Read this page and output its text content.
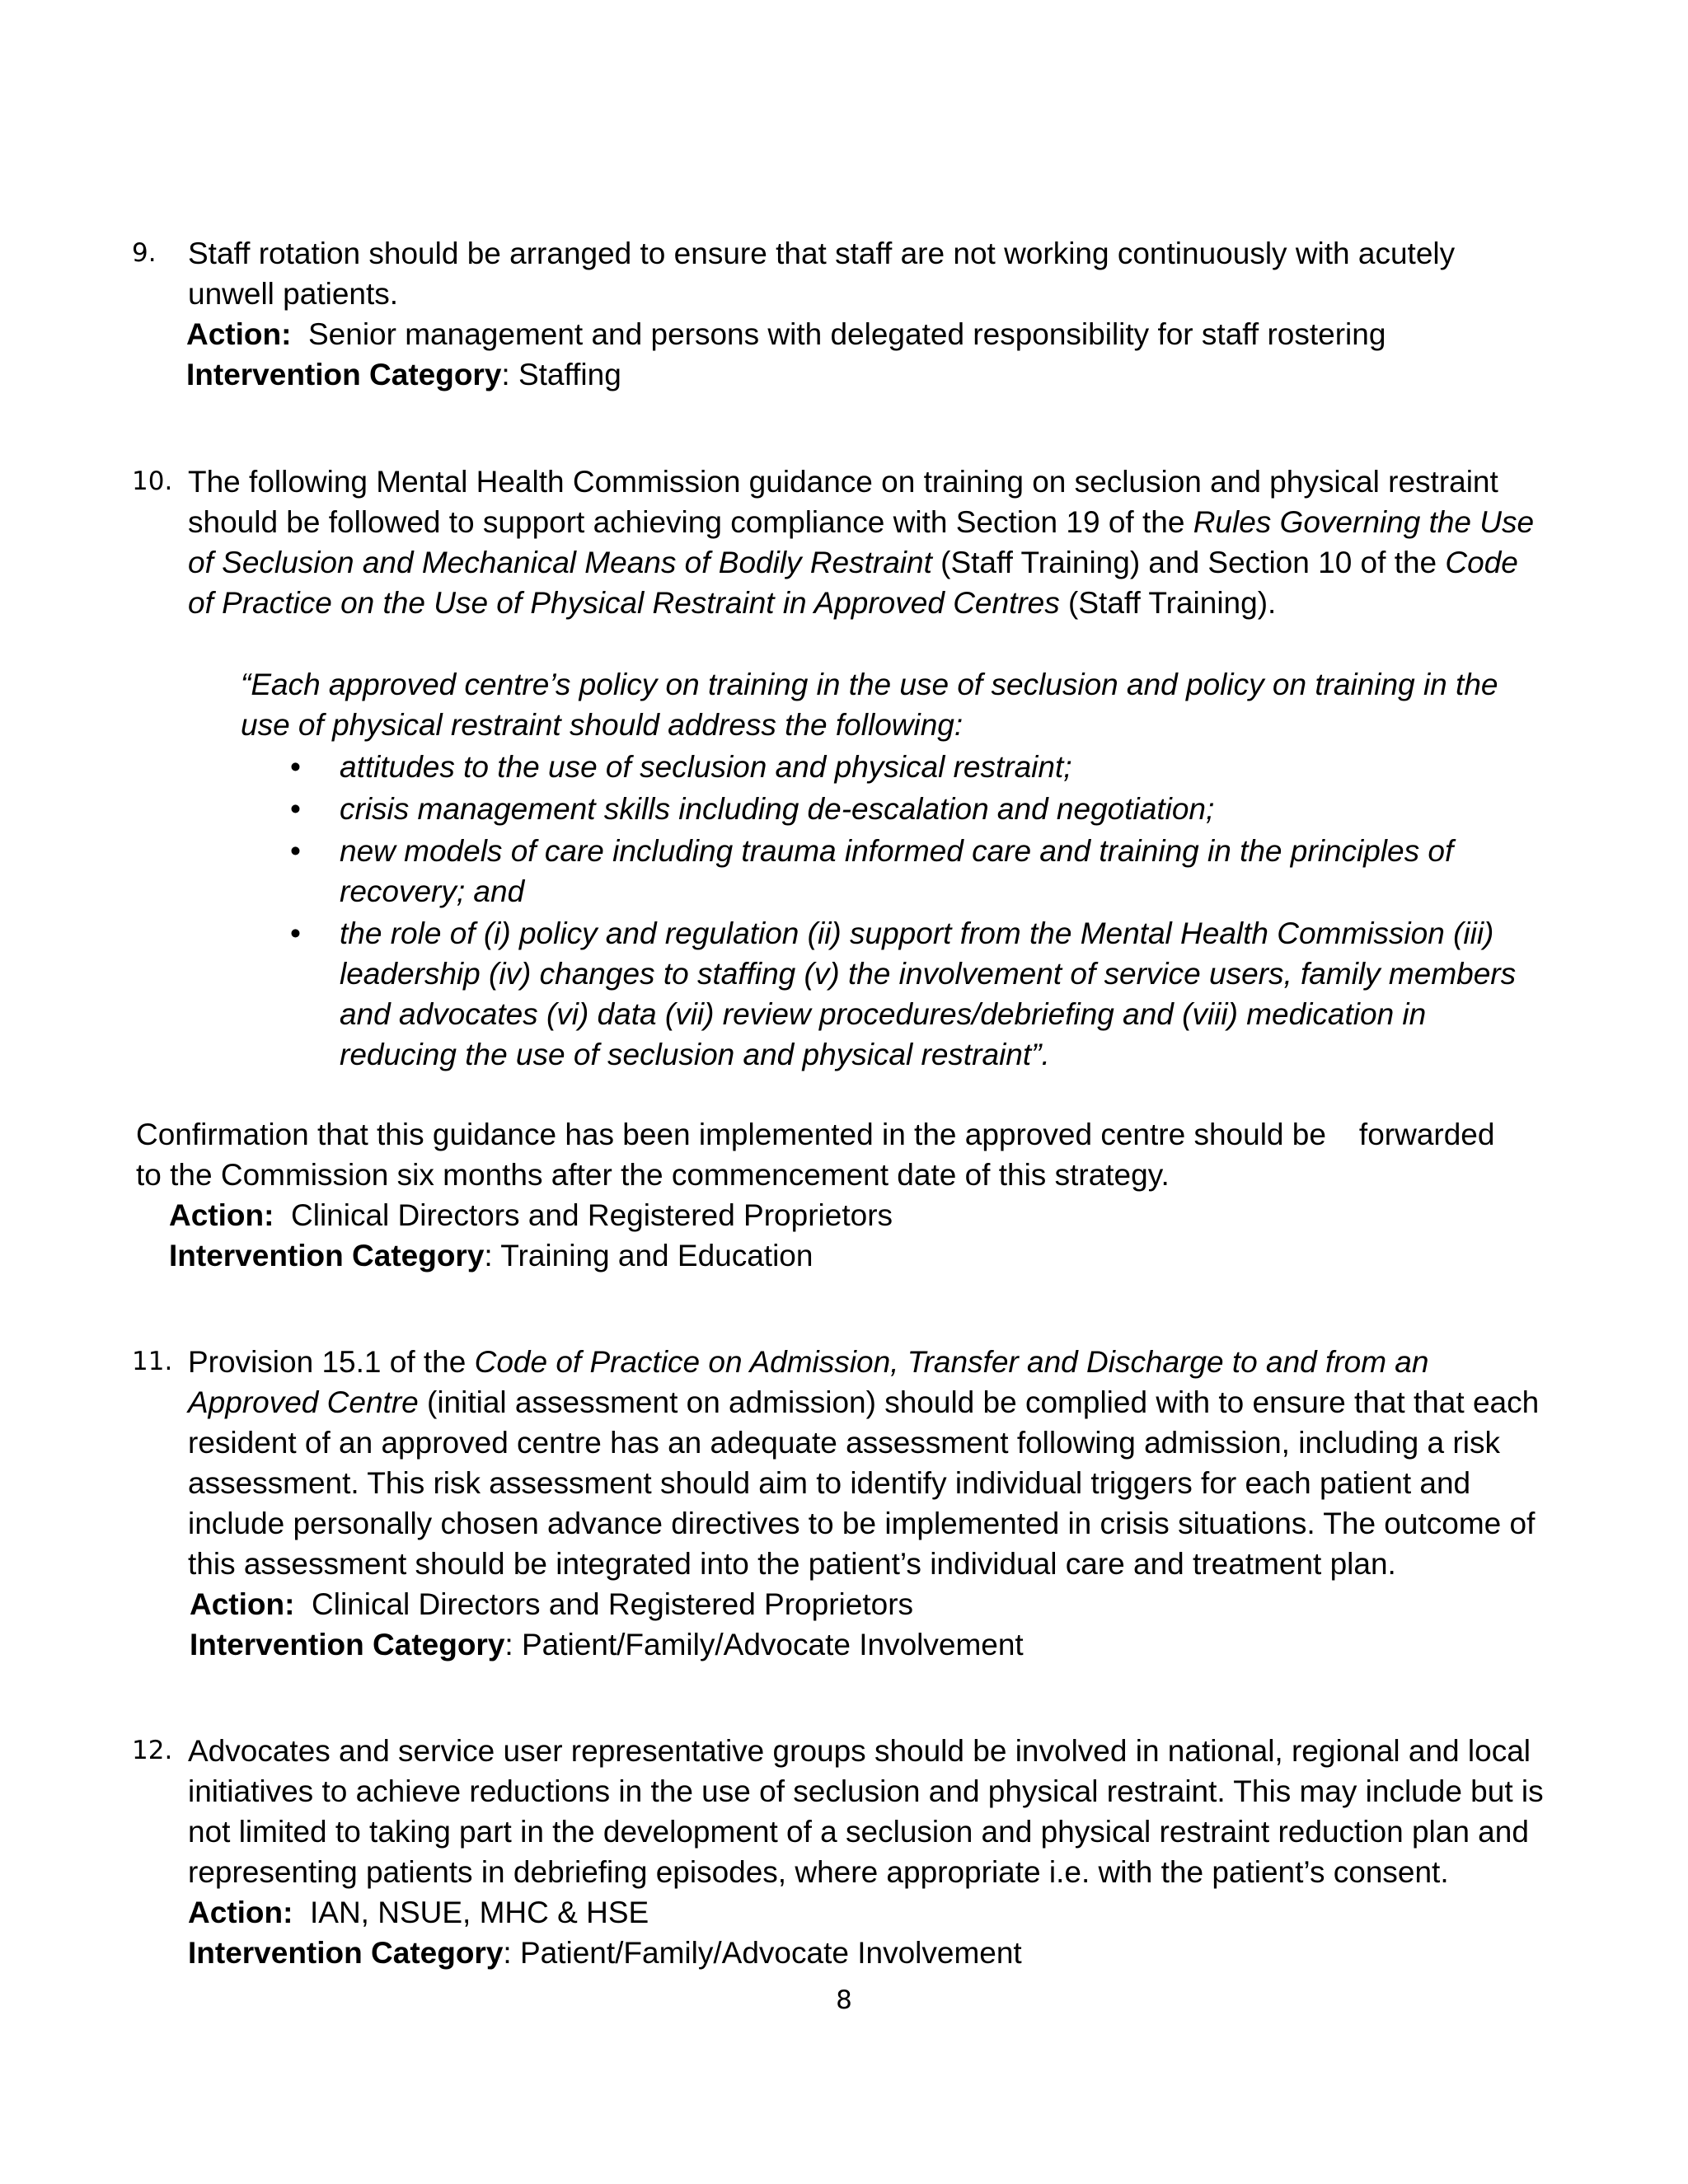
9. Staff rotation should be arranged to ensure that staff are not working continuously with acutely
unwell patients.
Action: Senior management and persons with delegated responsibility for staff rostering
Intervention Category: Staffing
10. The following Mental Health Commission guidance on training on seclusion and physical restraint
should be followed to support achieving compliance with Section 19 of the Rules Governing the Use
of Seclusion and Mechanical Means of Bodily Restraint (Staff Training) and Section 10 of the Code
of Practice on the Use of Physical Restraint in Approved Centres (Staff Training).
“Each approved centre’s policy on training in the use of seclusion and policy on training in the
use of physical restraint should address the following:
• attitudes to the use of seclusion and physical restraint;
• crisis management skills including de-escalation and negotiation;
• new models of care including trauma informed care and training in the principles of
recovery; and
• the role of (i) policy and regulation (ii) support from the Mental Health Commission (iii)
leadership (iv) changes to staffing (v) the involvement of service users, family members
and advocates (vi) data (vii) review procedures/debriefing and (viii) medication in
reducing the use of seclusion and physical restraint”.
Confirmation that this guidance has been implemented in the approved centre should be forwarded
to the Commission six months after the commencement date of this strategy.
Action: Clinical Directors and Registered Proprietors
Intervention Category: Training and Education
11. Provision 15.1 of the Code of Practice on Admission, Transfer and Discharge to and from an
Approved Centre (initial assessment on admission) should be complied with to ensure that that each
resident of an approved centre has an adequate assessment following admission, including a risk
assessment. This risk assessment should aim to identify individual triggers for each patient and
include personally chosen advance directives to be implemented in crisis situations. The outcome of
this assessment should be integrated into the patient’s individual care and treatment plan.
Action: Clinical Directors and Registered Proprietors
Intervention Category: Patient/Family/Advocate Involvement
12. Advocates and service user representative groups should be involved in national, regional and local
initiatives to achieve reductions in the use of seclusion and physical restraint. This may include but is
not limited to taking part in the development of a seclusion and physical restraint reduction plan and
representing patients in debriefing episodes, where appropriate i.e. with the patient’s consent.
Action: IAN, NSUE, MHC & HSE
Intervention Category: Patient/Family/Advocate Involvement
8
